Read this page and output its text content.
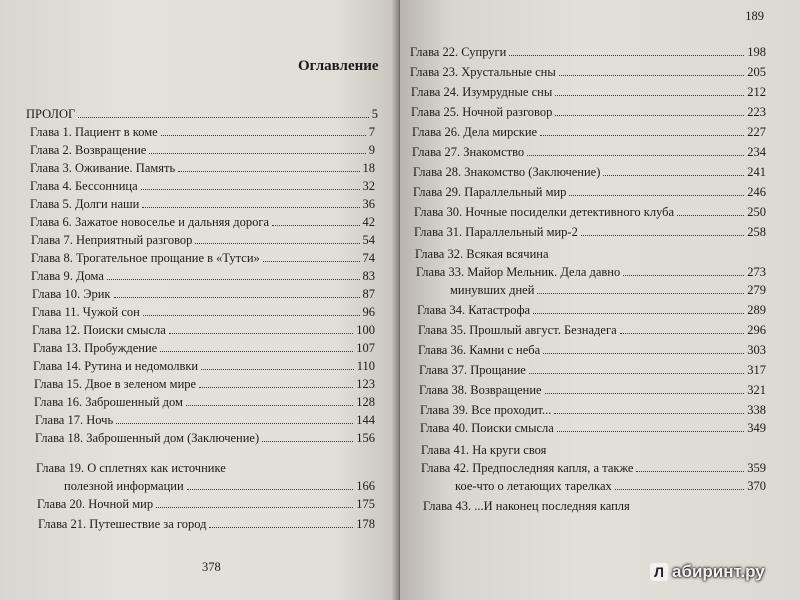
Оглавление
ПРОЛОГ	5
Глава 1. Пациент в коме	7
Глава 2. Возвращение	9
Глава 3. Оживание. Память	18
Глава 4. Бессонница	32
Глава 5. Долги наши	36
Глава 6. Зажатое новоселье и дальняя дорога	42
Глава 7. Неприятный разговор	54
Глава 8. Трогательное прощание в «Тутси»	74
Глава 9. Дома	83
Глава 10. Эрик	87
Глава 11. Чужой сон	96
Глава 12. Поиски смысла	100
Глава 13. Пробуждение	107
Глава 14. Рутина и недомолвки	110
Глава 15. Двое в зеленом мире	123
Глава 16. Заброшенный дом	128
Глава 17. Ночь	144
Глава 18. Заброшенный дом (Заключение)	156
Глава 19. О сплетнях как источнике
полезной информации	166
Глава 20. Ночной мир	175
Глава 21. Путешествие за город	178
378
189
Глава 22. Супруги	198
Глава 23. Хрустальные сны	205
Глава 24. Изумрудные сны	212
Глава 25. Ночной разговор	223
Глава 26. Дела мирские	227
Глава 27. Знакомство	234
Глава 28. Знакомство (Заключение)	241
Глава 29. Параллельный мир	246
Глава 30. Ночные посиделки детективного клуба	250
Глава 31. Параллельный мир-2	258
Глава 32. Всякая всячина
Глава 33. Майор Мельник. Дела давно	273
минувших дней	279
Глава 34. Катастрофа	289
Глава 35. Прошлый август. Безнадега	296
Глава 36. Камни с неба	303
Глава 37. Прощание	317
Глава 38. Возвращение	321
Глава 39. Все проходит...	338
Глава 40. Поиски смысла	349
Глава 41. На круги своя
Глава 42. Предпоследняя капля, а также	359
кое-что о летающих тарелках	370
Глава 43. ...И наконец последняя капля
Л абиринт.ру
